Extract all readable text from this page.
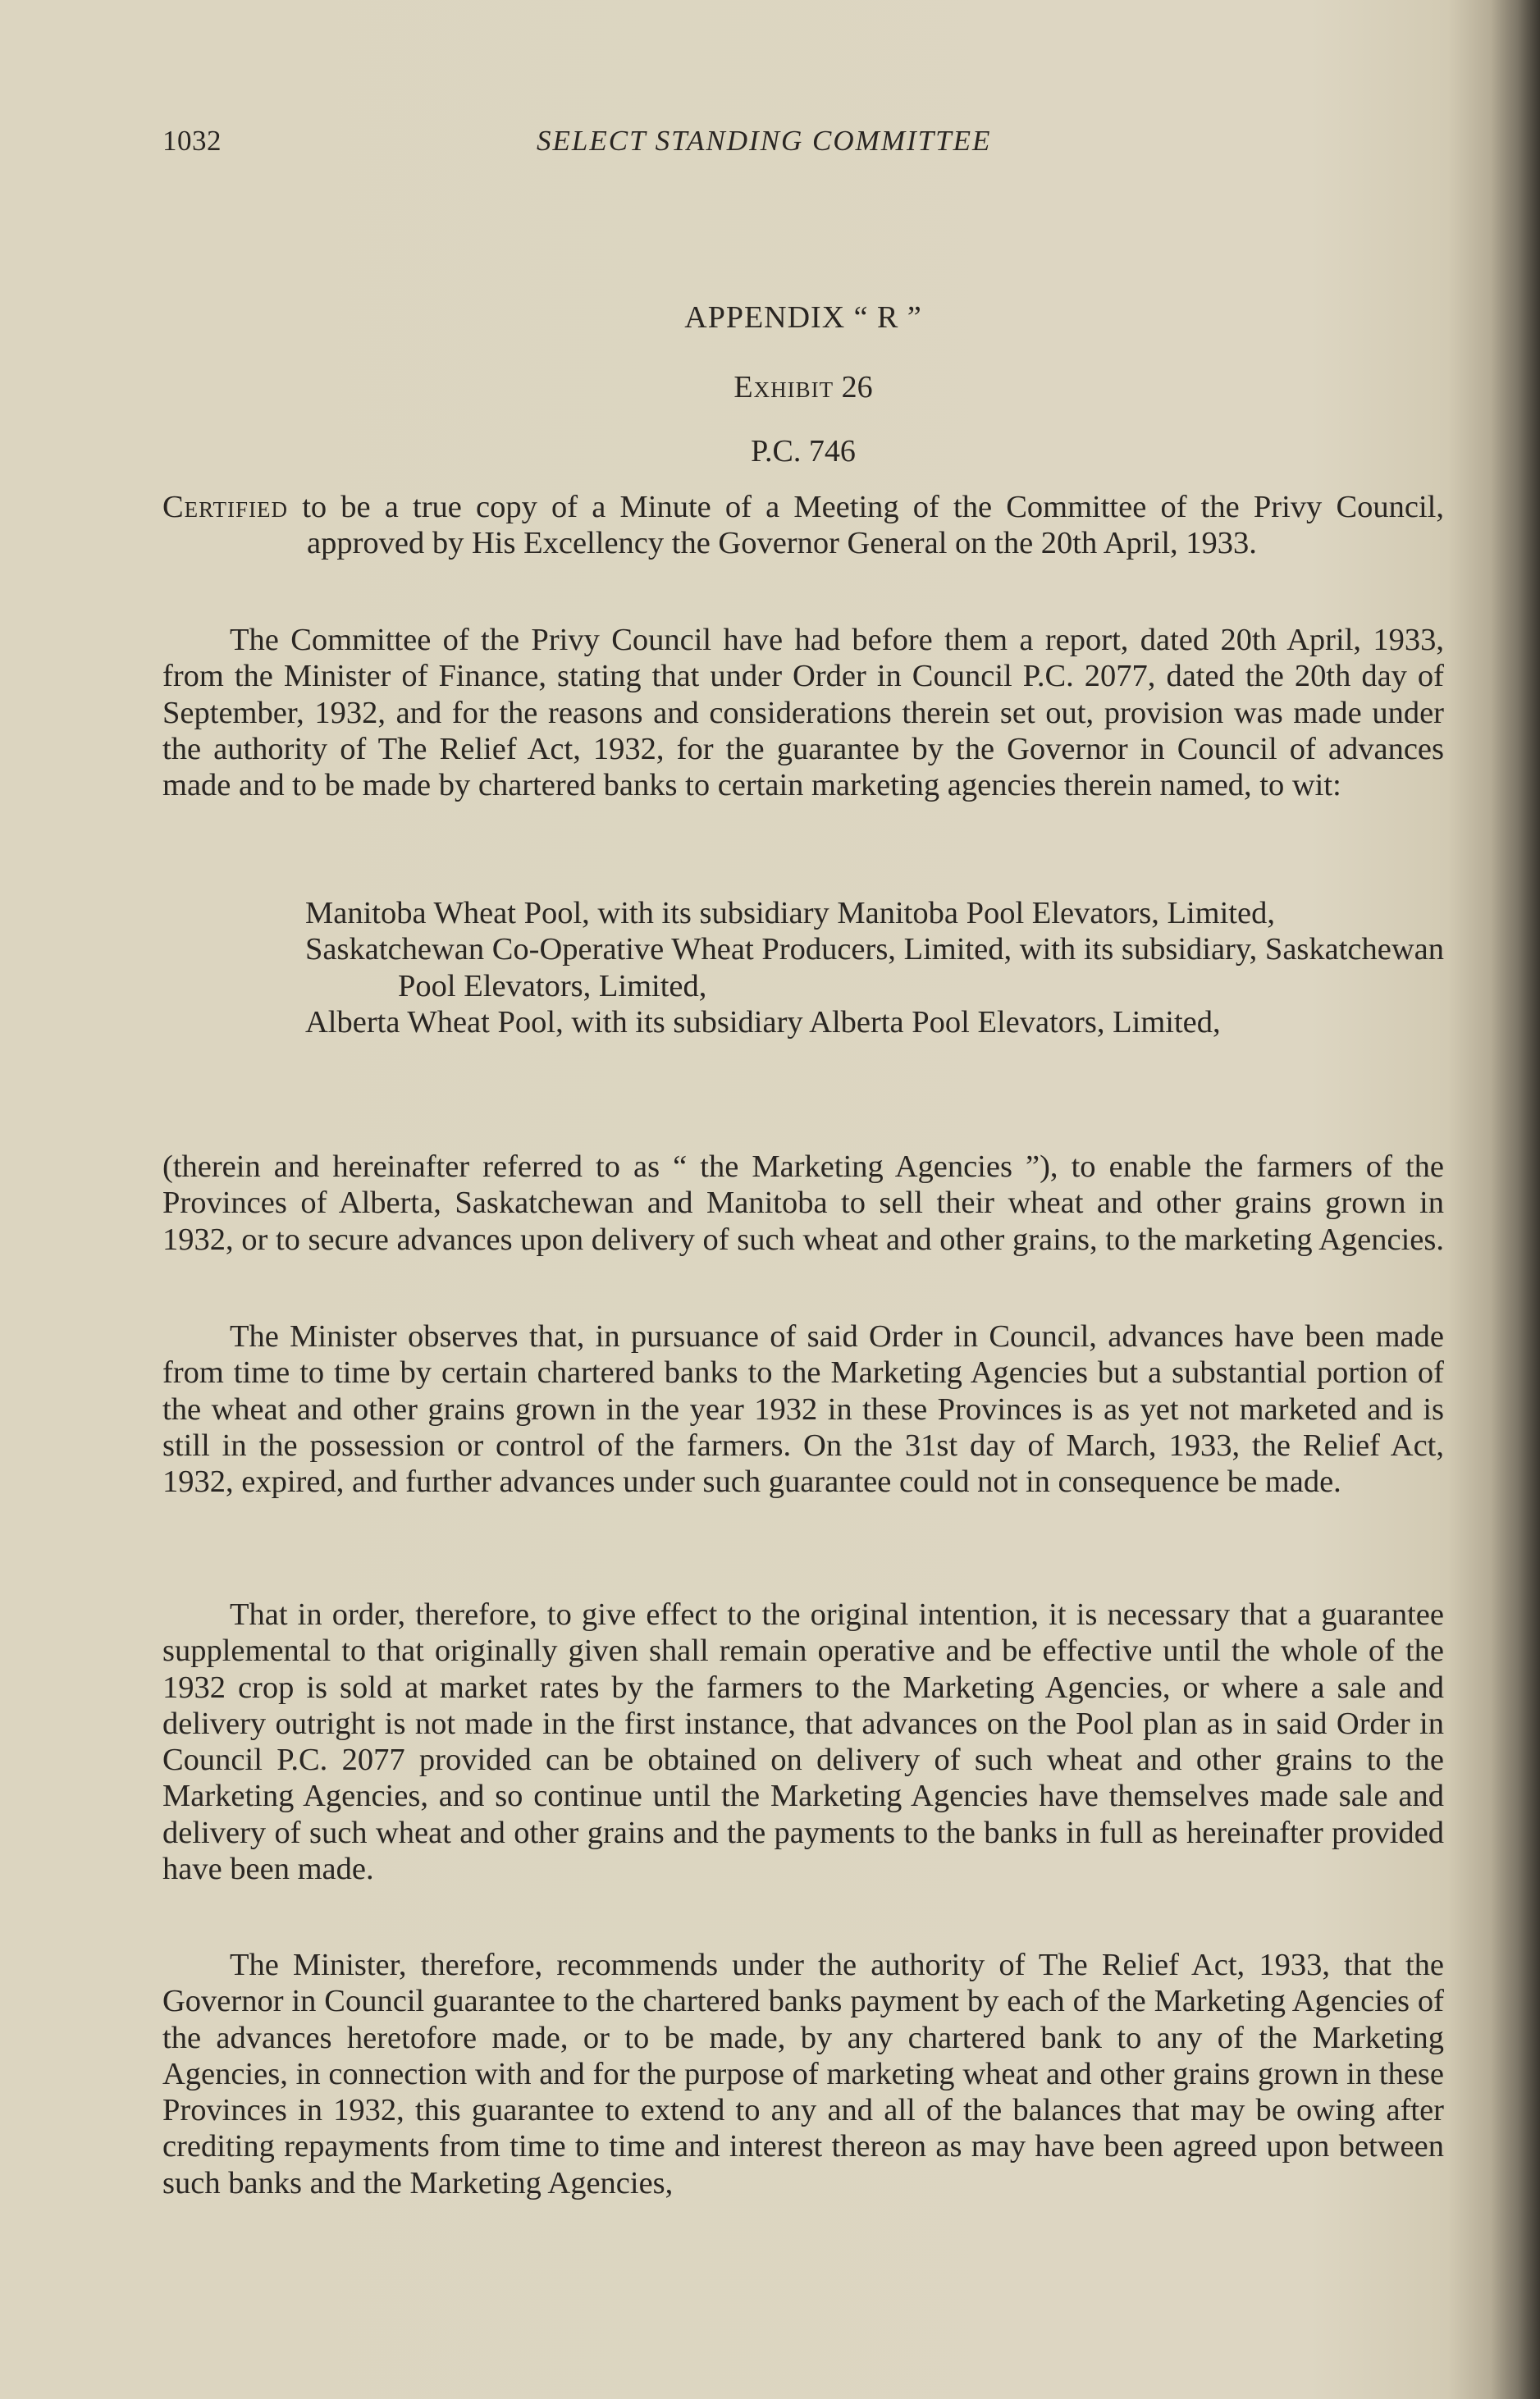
1032	SELECT STANDING COMMITTEE
APPENDIX “ R ”
Exhibit 26
P.C. 746
Certified to be a true copy of a Minute of a Meeting of the Committee of the Privy Council, approved by His Excellency the Governor General on the 20th April, 1933.
The Committee of the Privy Council have had before them a report, dated 20th April, 1933, from the Minister of Finance, stating that under Order in Council P.C. 2077, dated the 20th day of September, 1932, and for the reasons and considerations therein set out, provision was made under the authority of The Relief Act, 1932, for the guarantee by the Governor in Council of advances made and to be made by chartered banks to certain marketing agencies therein named, to wit:
Manitoba Wheat Pool, with its subsidiary Manitoba Pool Elevators, Limited,
Saskatchewan Co-Operative Wheat Producers, Limited, with its subsidiary, Saskatchewan Pool Elevators, Limited,
Alberta Wheat Pool, with its subsidiary Alberta Pool Elevators, Limited,
(therein and hereinafter referred to as “ the Marketing Agencies ”), to enable the farmers of the Provinces of Alberta, Saskatchewan and Manitoba to sell their wheat and other grains grown in 1932, or to secure advances upon delivery of such wheat and other grains, to the marketing Agencies.
The Minister observes that, in pursuance of said Order in Council, advances have been made from time to time by certain chartered banks to the Marketing Agencies but a substantial portion of the wheat and other grains grown in the year 1932 in these Provinces is as yet not marketed and is still in the possession or control of the farmers. On the 31st day of March, 1933, the Relief Act, 1932, expired, and further advances under such guarantee could not in consequence be made.
That in order, therefore, to give effect to the original intention, it is necessary that a guarantee supplemental to that originally given shall remain operative and be effective until the whole of the 1932 crop is sold at market rates by the farmers to the Marketing Agencies, or where a sale and delivery outright is not made in the first instance, that advances on the Pool plan as in said Order in Council P.C. 2077 provided can be obtained on delivery of such wheat and other grains to the Marketing Agencies, and so continue until the Marketing Agencies have themselves made sale and delivery of such wheat and other grains and the payments to the banks in full as hereinafter provided have been made.
The Minister, therefore, recommends under the authority of The Relief Act, 1933, that the Governor in Council guarantee to the chartered banks payment by each of the Marketing Agencies of the advances heretofore made, or to be made, by any chartered bank to any of the Marketing Agencies, in connection with and for the purpose of marketing wheat and other grains grown in these Provinces in 1932, this guarantee to extend to any and all of the balances that may be owing after crediting repayments from time to time and interest thereon as may have been agreed upon between such banks and the Marketing Agencies,
